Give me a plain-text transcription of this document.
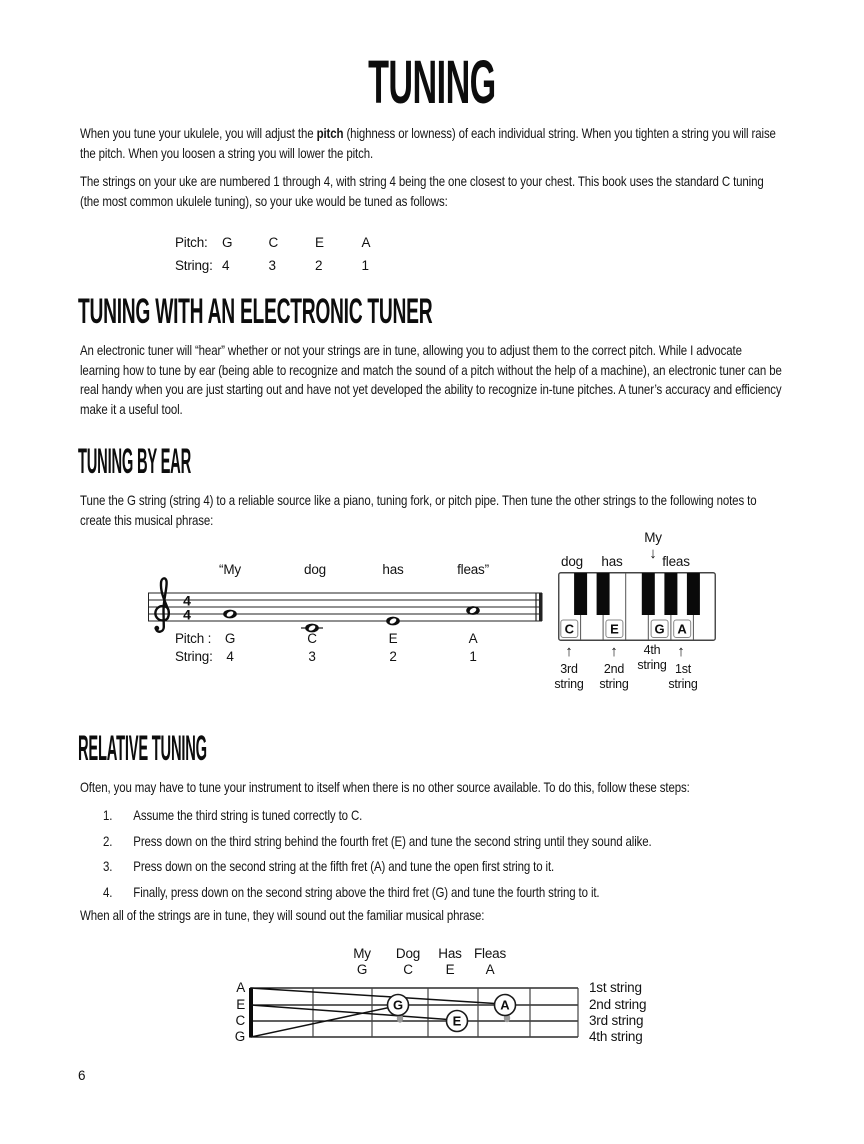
TUNING
When you tune your ukulele, you will adjust the pitch (highness or lowness) of each individual string. When you tighten a string you will raise the pitch. When you loosen a string you will lower the pitch.
The strings on your uke are numbered 1 through 4, with string 4 being the one closest to your chest. This book uses the standard C tuning (the most common ukulele tuning), so your uke would be tuned as follows:
Pitch:	G	C	E	A
String: 4	3	2	1
TUNING WITH AN ELECTRONIC TUNER
An electronic tuner will “hear” whether or not your strings are in tune, allowing you to adjust them to the correct pitch. While I advocate learning how to tune by ear (being able to recognize and match the sound of a pitch without the help of a machine), an electronic tuner can be real handy when you are just starting out and have not yet developed the ability to recognize in-tune pitches. A tuner’s accuracy and efficiency make it a useful tool.
TUNING BY EAR
Tune the G string (string 4) to a reliable source like a piano, tuning fork, or pitch pipe. Then tune the other strings to the following notes to create this musical phrase:
“My	dog	has	fleas”
4
4
Pitch : G	C	E	A
String: 4	3	2	1
My
↓
dog has	fleas
C	E	G A
↑	↑	↑
3rd
string
2nd
string
4th
string 1st
string
RELATIVE TUNING
Often, you may have to tune your instrument to itself when there is no other source available. To do this, follow these steps:
1.	Assume the third string is tuned correctly to C.
2.	Press down on the third string behind the fourth fret (E) and tune the second string until they sound alike.
3.	Press down on the second string at the fifth fret (A) and tune the open first string to it.
4.	Finally, press down on the second string above the third fret (G) and tune the fourth string to it.
When all of the strings are in tune, they will sound out the familiar musical phrase:
My Dog Has Fleas
G	C E A
A
E
C
G
G
E
A
1st string
2nd string
3rd string
4th string
6
